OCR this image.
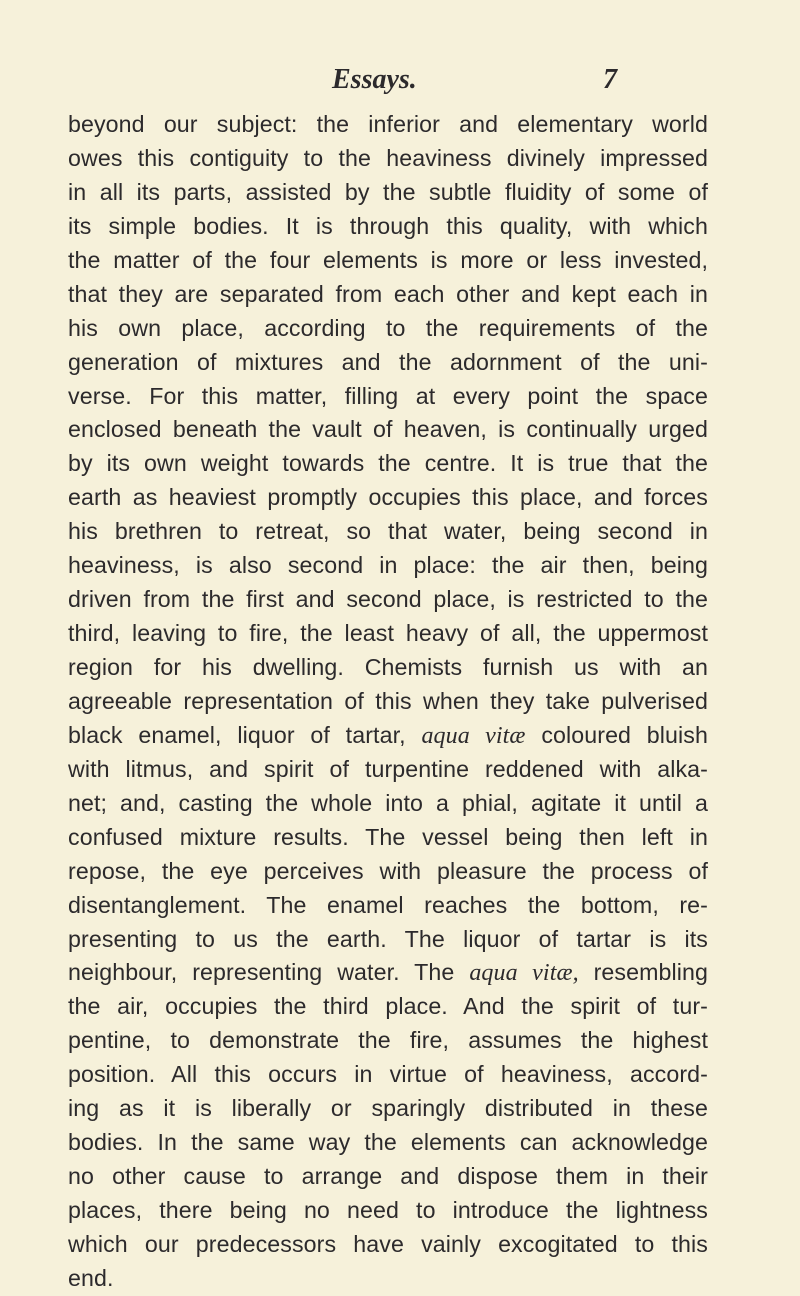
Essays.	7
beyond our subject: the inferior and elementary world
owes this contiguity to the heaviness divinely impressed
in all its parts, assisted by the subtle fluidity of some of
its simple bodies. It is through this quality, with which
the matter of the four elements is more or less invested,
that they are separated from each other and kept each in
his own place, according to the requirements of the
generation of mixtures and the adornment of the uni-
verse. For this matter, filling at every point the space
enclosed beneath the vault of heaven, is continually urged
by its own weight towards the centre. It is true that the
earth as heaviest promptly occupies this place, and forces
his brethren to retreat, so that water, being second in
heaviness, is also second in place: the air then, being
driven from the first and second place, is restricted to the
third, leaving to fire, the least heavy of all, the uppermost
region for his dwelling. Chemists furnish us with an
agreeable representation of this when they take pulverised
black enamel, liquor of tartar, aqua vitæ coloured bluish
with litmus, and spirit of turpentine reddened with alka-
net; and, casting the whole into a phial, agitate it until a
confused mixture results. The vessel being then left in
repose, the eye perceives with pleasure the process of
disentanglement. The enamel reaches the bottom, re-
presenting to us the earth. The liquor of tartar is its
neighbour, representing water. The aqua vitæ, resembling
the air, occupies the third place. And the spirit of tur-
pentine, to demonstrate the fire, assumes the highest
position. All this occurs in virtue of heaviness, accord-
ing as it is liberally or sparingly distributed in these
bodies. In the same way the elements can acknowledge
no other cause to arrange and dispose them in their
places, there being no need to introduce the lightness
which our predecessors have vainly excogitated to this
end.
